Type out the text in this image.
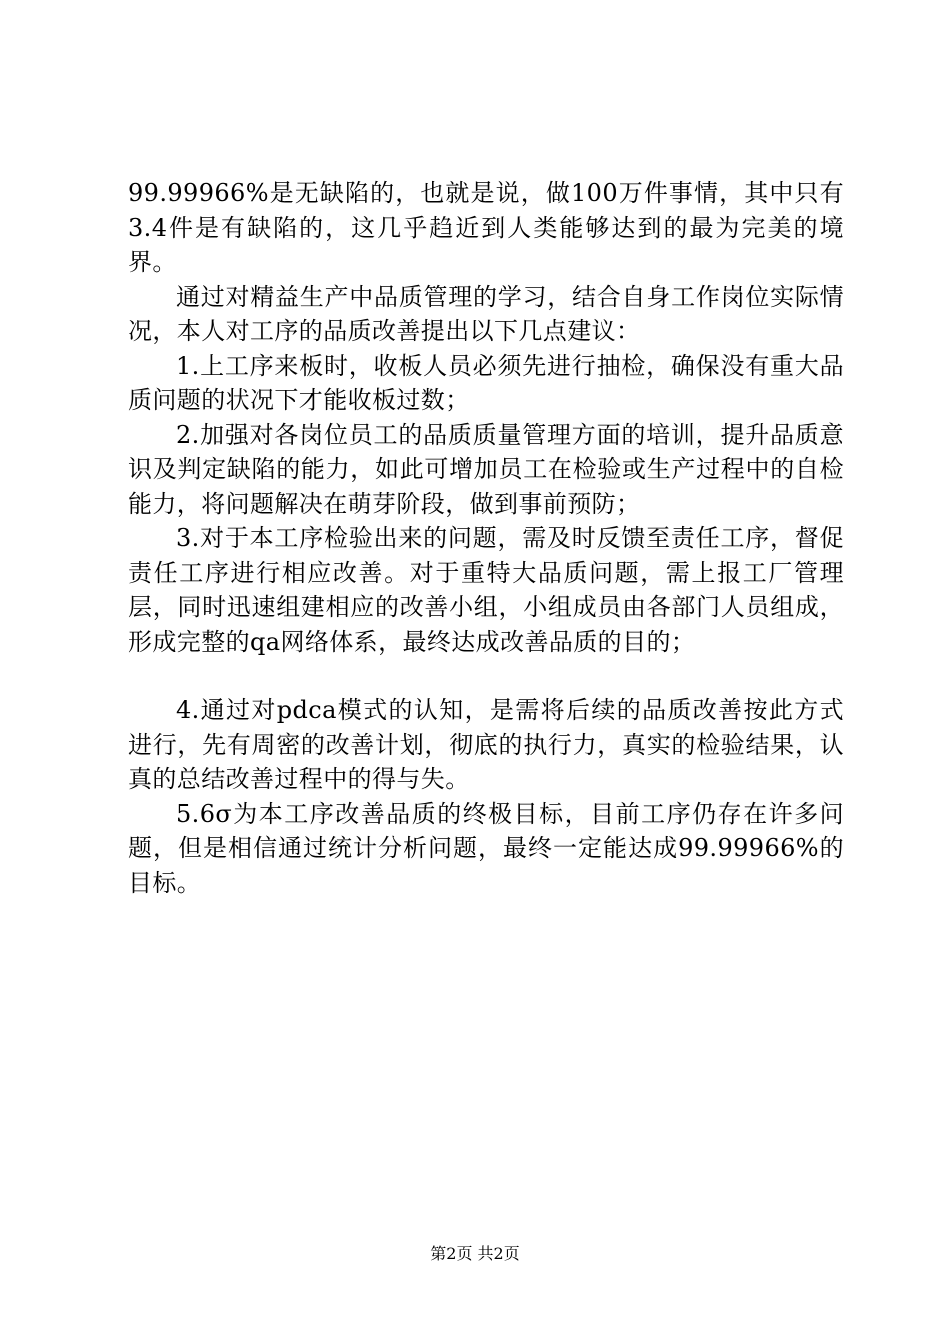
99.99966%是无缺陷的，也就是说，做100万件事情，其中只有3.4件是有缺陷的，这几乎趋近到人类能够达到的最为完美的境界。

通过对精益生产中品质管理的学习，结合自身工作岗位实际情况，本人对工序的品质改善提出以下几点建议：

1.上工序来板时，收板人员必须先进行抽检，确保没有重大品质问题的状况下才能收板过数；

2.加强对各岗位员工的品质质量管理方面的培训，提升品质意识及判定缺陷的能力，如此可增加员工在检验或生产过程中的自检能力，将问题解决在萌芽阶段，做到事前预防；

3.对于本工序检验出来的问题，需及时反馈至责任工序，督促责任工序进行相应改善。对于重特大品质问题，需上报工厂管理层，同时迅速组建相应的改善小组，小组成员由各部门人员组成，形成完整的qa网络体系，最终达成改善品质的目的；

4.通过对pdca模式的认知，是需将后续的品质改善按此方式进行，先有周密的改善计划，彻底的执行力，真实的检验结果，认真的总结改善过程中的得与失。

5.6σ为本工序改善品质的终极目标，目前工序仍存在许多问题，但是相信通过统计分析问题，最终一定能达成99.99966%的目标。

第2页 共2页
